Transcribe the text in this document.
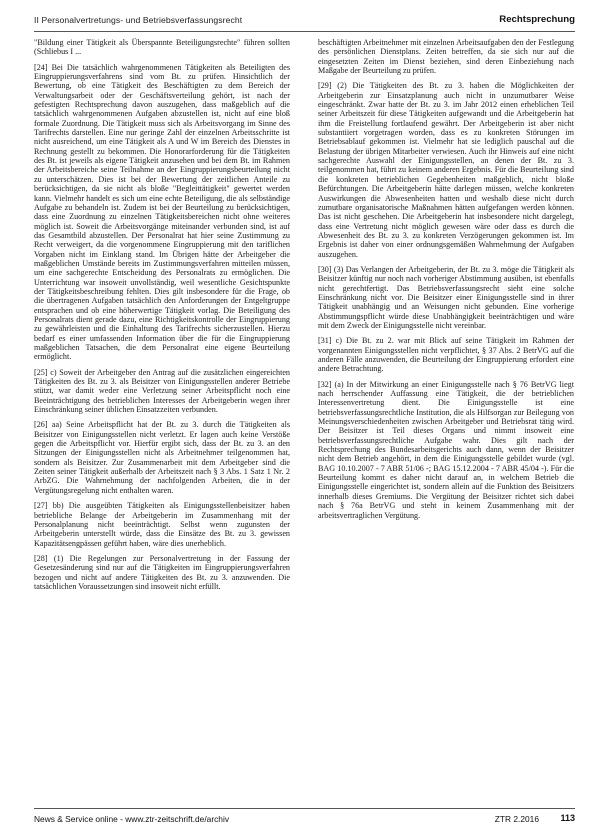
II Personalvertretungs- und Betriebsverfassungsrecht	Rechtsprechung

"Bildung einer Tätigkeit als Überspannte Beteiligungsrechte" führen sollten (Schliebus I ...

[24] Bei Die tatsächlich wahrgenommenen Tätigkeiten als Beteiligten des Eingruppierungsverfahrens sind vom Bt. zu prüfen. Hinsichtlich der Bewertung, ob eine Tätigkeit des Beschäftigten zu dem Bereich der Verwaltungsarbeit oder der Geschäftsverteilung gehört, ist nach der gefestigten Rechtsprechung davon auszugehen, dass maßgeblich auf die tatsächlich wahrgenommenen Aufgaben abzustellen ist, nicht auf eine bloß formale Zuordnung. Die Tätigkeit muss sich als Arbeitsvorgang im Sinne des Tarifrechts darstellen. Eine nur geringe Zahl der einzelnen Arbeitsschritte ist nicht ausreichend, um eine Tätigkeit als A und W im Bereich des Dienstes in Rechnung gestellt zu bekommen. Die Honorarforderung für die Tätigkeiten des Bt. ist jeweils als eigene Tätigkeit anzusehen und bei dem Bt. im Rahmen der Arbeitsbereiche seine Teilnahme an der Eingruppierungsbeurteilung nicht zu unterschätzen. Dies ist bei der Bewertung der zeitlichen Anteile zu berücksichtigen, da sie nicht als bloße "Begleittätigkeit" gewertet werden kann. Vielmehr handelt es sich um eine echte Beteiligung, die als selbständige Aufgabe zu behandeln ist. Zudem ist bei der Beurteilung zu berücksichtigen, dass eine Zuordnung zu einzelnen Tätigkeitsbereichen nicht ohne weiteres möglich ist. Soweit die Arbeitsvorgänge miteinander verbunden sind, ist auf das Gesamtbild abzustellen. Der Personalrat hat hier seine Zustimmung zu Recht verweigert, da die vorgenommene Eingruppierung mit den tariflichen Vorgaben nicht im Einklang stand. Im Übrigen hätte der Arbeitgeber die maßgeblichen Umstände bereits im Zustimmungsverfahren mitteilen müssen, um eine sachgerechte Entscheidung des Personalrats zu ermöglichen. Die Unterrichtung war insoweit unvollständig, weil wesentliche Gesichtspunkte der Tätigkeitsbeschreibung fehlten. Dies gilt insbesondere für die Frage, ob die übertragenen Aufgaben tatsächlich den Anforderungen der Entgeltgruppe entsprachen und ob eine höherwertige Tätigkeit vorlag. Die Beteiligung des Personalrats dient gerade dazu, eine Richtigkeitskontrolle der Eingruppierung zu gewährleisten und die Einhaltung des Tarifrechts sicherzustellen. Hierzu bedarf es einer umfassenden Information über die für die Eingruppierung maßgeblichen Tatsachen, die dem Personalrat eine eigene Beurteilung ermöglicht.

[25] c) Soweit der Arbeitgeber den Antrag auf die zusätzlichen eingereichten Tätigkeiten des Bt. zu 3. als Beisitzer von Einigungsstellen anderer Betriebe stützt, war damit weder eine Verletzung seiner Arbeitspflicht noch eine Beeinträchtigung des betrieblichen Interesses der Arbeitgeberin wegen ihrer Einschränkung seiner üblichen Einsatzzeiten verbunden.

[26] aa) Seine Arbeitspflicht hat der Bt. zu 3. durch die Tätigkeiten als Beisitzer von Einigungsstellen nicht verletzt. Er lagen auch keine Verstöße gegen die Arbeitspflicht vor. Hierfür ergibt sich, dass der Bt. zu 3. an den Sitzungen der Einigungsstellen nicht als Arbeitnehmer teilgenommen hat, sondern als Beisitzer. Zur Zusammenarbeit mit dem Arbeitgeber sind die Zeiten seiner Tätigkeit außerhalb der Arbeitszeit nach § 3 Abs. 1 Satz 1 Nr. 2 ArbZG. Die Wahrnehmung der nachfolgenden Arbeiten, die in der Vergütungsregelung nicht enthalten waren.

[27] bb) Die ausgeübten Tätigkeiten als Einigungsstellenbeisitzer haben betriebliche Belange der Arbeitgeberin im Zusammenhang mit der Personalplanung nicht beeinträchtigt. Selbst wenn zugunsten der Arbeitgeberin unterstellt würde, dass die Einsätze des Bt. zu 3. gewissen Kapazitätsengpässen geführt haben, wäre dies unerheblich.

[28] (1) Die Regelungen zur Personalvertretung in der Fassung der Gesetzesänderung sind nur auf die Tätigkeiten im Eingruppierungsverfahren bezogen und nicht auf andere Tätigkeiten des Bt. zu 3. anzuwenden. Die tatsächlichen Voraussetzungen sind insoweit nicht erfüllt.

beschäftigten Arbeitnehmer mit einzelnen Arbeitsaufgaben den der Festlegung des persönlichen Dienstplans. Zeiten betreffen, da sie sich nur auf die eingesetzten Zeiten im Dienst beziehen, sind deren Einbeziehung nach Maßgabe der Beurteilung zu prüfen.

[29] (2) Die Tätigkeiten des Bt. zu 3. haben die Möglichkeiten der Arbeitgeberin zur Einsatzplanung auch nicht in unzumutbarer Weise eingeschränkt. Zwar hatte der Bt. zu 3. im Jahr 2012 einen erheblichen Teil seiner Arbeitszeit für diese Tätigkeiten aufgewandt und die Arbeitgeberin hat ihm die Freistellung fortlaufend gewährt. Der Arbeitgeberin ist aber nicht substantiiert vorgetragen worden, dass es zu konkreten Störungen im Betriebsablauf gekommen ist. Vielmehr hat sie lediglich pauschal auf die Belastung der übrigen Mitarbeiter verwiesen. Auch ihr Hinweis auf eine nicht sachgerechte Auswahl der Einigungsstellen, an denen der Bt. zu 3. teilgenommen hat, führt zu keinem anderen Ergebnis. Für die Beurteilung sind die konkreten betrieblichen Gegebenheiten maßgeblich, nicht bloße Befürchtungen. Die Arbeitgeberin hätte darlegen müssen, welche konkreten Auswirkungen die Abwesenheiten hatten und weshalb diese nicht durch zumutbare organisatorische Maßnahmen hätten aufgefangen werden können. Das ist nicht geschehen. Die Arbeitgeberin hat insbesondere nicht dargelegt, dass eine Vertretung nicht möglich gewesen wäre oder dass es durch die Abwesenheit des Bt. zu 3. zu konkreten Verzögerungen gekommen ist. Im Ergebnis ist daher von einer ordnungsgemäßen Wahrnehmung der Aufgaben auszugehen.

[30] (3) Das Verlangen der Arbeitgeberin, der Bt. zu 3. möge die Tätigkeit als Beisitzer künftig nur noch nach vorheriger Abstimmung ausüben, ist ebenfalls nicht gerechtfertigt. Das Betriebsverfassungsrecht sieht eine solche Einschränkung nicht vor. Die Beisitzer einer Einigungsstelle sind in ihrer Tätigkeit unabhängig und an Weisungen nicht gebunden. Eine vorherige Abstimmungspflicht würde diese Unabhängigkeit beeinträchtigen und wäre mit dem Zweck der Einigungsstelle nicht vereinbar.

[31] c) Die Bt. zu 2. war mit Blick auf seine Tätigkeit im Rahmen der vorgenannten Einigungsstellen nicht verpflichtet, § 37 Abs. 2 BetrVG auf die anderen Fälle anzuwenden, die Beurteilung der Eingruppierung erfordert eine andere Betrachtung.

[32] (a) In der Mitwirkung an einer Einigungsstelle nach § 76 BetrVG liegt nach herrschender Auffassung eine Tätigkeit, die der betrieblichen Interessenvertretung dient. Die Einigungsstelle ist eine betriebsverfassungsrechtliche Institution, die als Hilfsorgan zur Beilegung von Meinungsverschiedenheiten zwischen Arbeitgeber und Betriebsrat tätig wird. Der Beisitzer ist Teil dieses Organs und nimmt insoweit eine betriebsverfassungsrechtliche Aufgabe wahr. Dies gilt nach der Rechtsprechung des Bundesarbeitsgerichts auch dann, wenn der Beisitzer nicht dem Betrieb angehört, in dem die Einigungsstelle gebildet wurde (vgl. BAG 10.10.2007 - 7 ABR 51/06 -; BAG 15.12.2004 - 7 ABR 45/04 -). Für die Beurteilung kommt es daher nicht darauf an, in welchem Betrieb die Einigungsstelle eingerichtet ist, sondern allein auf die Funktion des Beisitzers innerhalb dieses Gremiums. Die Vergütung der Beisitzer richtet sich dabei nach § 76a BetrVG und steht in keinem Zusammenhang mit der arbeitsvertraglichen Vergütung.

News & Service online - www.ztr-zeitschrift.de/archiv	ZTR 2.2016 113
